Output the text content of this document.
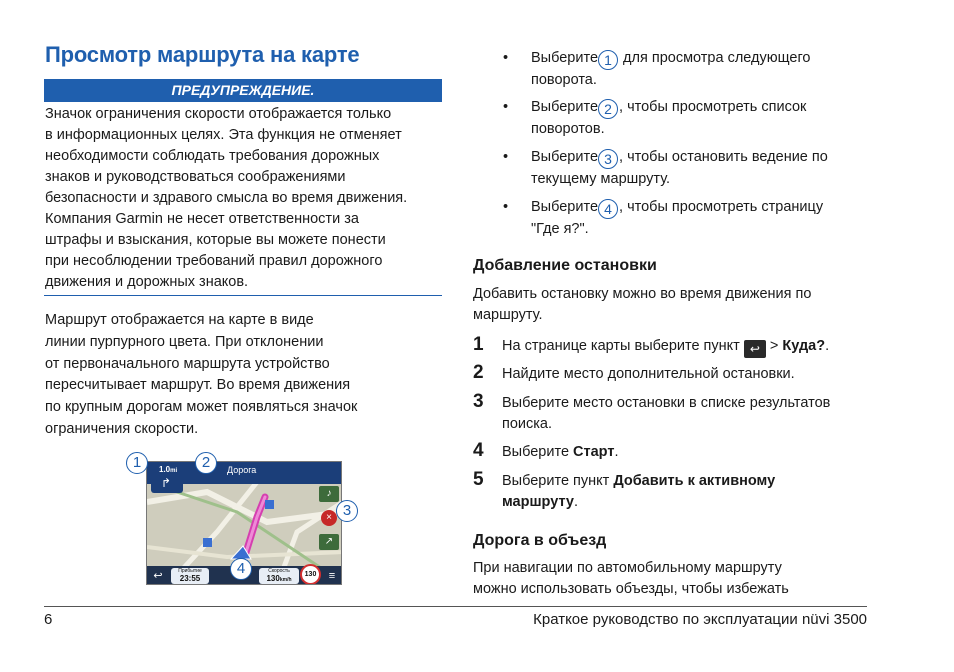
Просмотр маршрута на карте
ПРЕДУПРЕЖДЕНИЕ.
Значок ограничения скорости отображается только
в информационных целях. Эта функция не отменяет
необходимости соблюдать требования дорожных
знаков и руководствоваться соображениями
безопасности и здравого смысла во время движения.
Компания Garmin не несет ответственности за
штрафы и взыскания, которые вы можете понести
при несоблюдении требований правил дорожного
движения и дорожных знаков.
Маршрут отображается на карте в виде
линии пурпурного цвета. При отклонении
от первоначального маршрута устройство
пересчитывает маршрут. Во время движения
по крупным дорогам может появляться значок
ограничения скорости.
1.0mi
↱
Дорога
♪
×
↗
↩	Прибытие
23:55
Скорость
130km/h
130	≡
1	2
3
4
• Выберите 1 для просмотра следующего
поворота.
• Выберите 2 , чтобы просмотреть список
поворотов.
• Выберите 3 , чтобы остановить ведение по
текущему маршруту.
• Выберите 4 , чтобы просмотреть страницу
"Где я?".
Добавление остановки
Добавить остановку можно во время движения по
маршруту.
1 На странице карты выберите пункт ↩ > Куда?.
2 Найдите место дополнительной остановки.
3 Выберите место остановки в списке результатов
поиска.
4 Выберите Старт.
5 Выберите пункт Добавить к активному
маршруту.
Дорога в объезд
При навигации по автомобильному маршруту
можно использовать объезды, чтобы избежать
6	Краткое руководство по эксплуатации nüvi 3500
